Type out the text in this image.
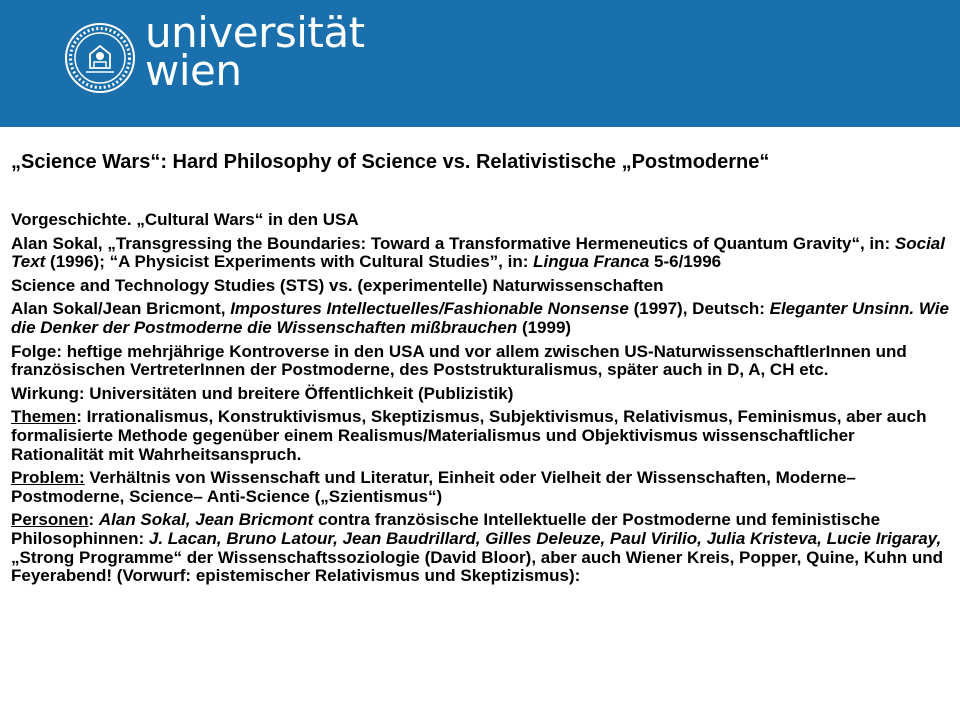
universität
wien
„Science Wars“: Hard Philosophy of Science vs. Relativistische „Postmoderne“

Vorgeschichte. „Cultural Wars“ in den USA

Alan Sokal, „Transgressing the Boundaries: Toward a Transformative Hermeneutics of Quantum Gravity“, in: Social Text (1996); “A Physicist Experiments with Cultural Studies”, in: Lingua Franca 5-6/1996

Science and Technology Studies (STS) vs. (experimentelle) Naturwissenschaften

Alan Sokal/Jean Bricmont, Impostures Intellectuelles/Fashionable Nonsense (1997), Deutsch: Eleganter Unsinn. Wie die Denker der Postmoderne die Wissenschaften mißbrauchen (1999)

Folge: heftige mehrjährige Kontroverse in den USA und vor allem zwischen US-NaturwissenschaftlerInnen und französischen VertreterInnen der Postmoderne, des Poststrukturalismus, später auch in D, A, CH etc.

Wirkung: Universitäten und breitere Öffentlichkeit (Publizistik)

Themen: Irrationalismus, Konstruktivismus, Skeptizismus, Subjektivismus, Relativismus, Feminismus, aber auch formalisierte Methode gegenüber einem Realismus/Materialismus und Objektivismus wissenschaftlicher Rationalität mit Wahrheitsanspruch.

Problem: Verhältnis von Wissenschaft und Literatur, Einheit oder Vielheit der Wissenschaften, Moderne–Postmoderne, Science– Anti-Science („Szientismus“)

Personen: Alan Sokal, Jean Bricmont contra französische Intellektuelle der Postmoderne und feministische Philosophinnen: J. Lacan, Bruno Latour, Jean Baudrillard, Gilles Deleuze, Paul Virilio, Julia Kristeva, Lucie Irigaray, „Strong Programme“ der Wissenschaftssoziologie (David Bloor), aber auch Wiener Kreis, Popper, Quine, Kuhn und Feyerabend! (Vorwurf: epistemischer Relativismus und Skeptizismus):
